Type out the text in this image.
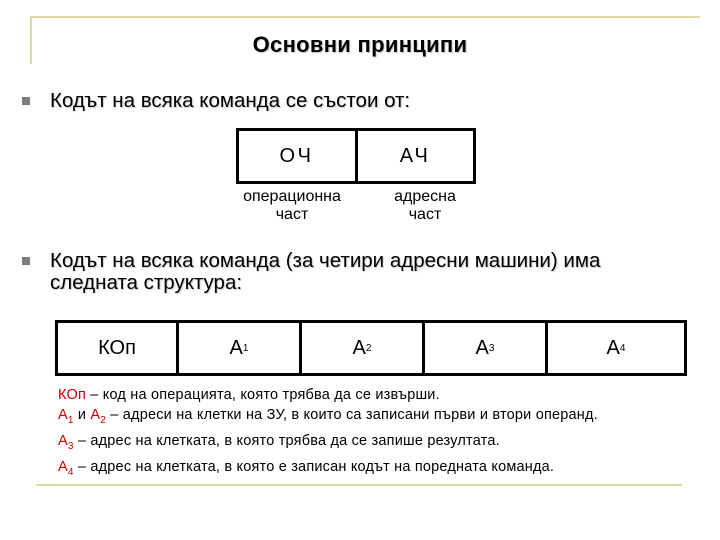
Основни принципи
Кодът на всяка команда се състои от:
ОЧ	АЧ
операционна
част
адресна
част
Кодът на всяка команда (за четири адресни машини) има
следната структура:
КОп	А 1	А 2	А 3	А 4
КОп – код на операцията, която трябва да се извърши.
$А_1$ и $А_2$ – адреси на клетки на ЗУ, в които са записани първи и втори операнд.
$А_3$ – адрес на клетката, в която трябва да се запише резултата.
$А_4$ – адрес на клетката, в която е записан кодът на поредната команда.
